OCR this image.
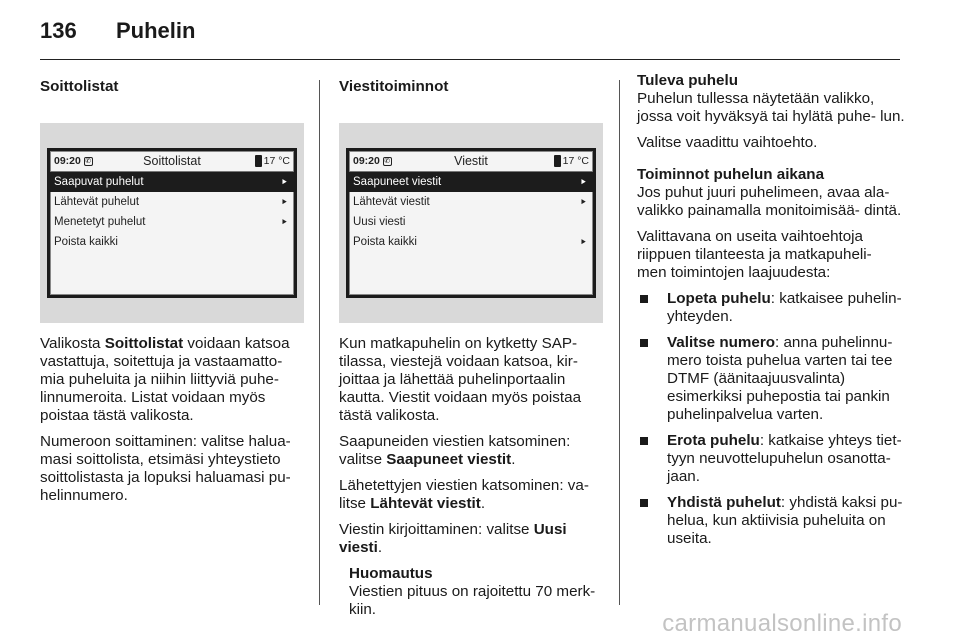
136	Puhelin
Soittolistat
09:20 ✆	Soittolistat	17 °C
Saapuvat puhelut	⯈
Lähtevät puhelut	⯈
Menetetyt puhelut	⯈
Poista kaikki

Valikosta Soittolistat voidaan katsoa vastattuja, soitettuja ja vastaamatto‐ mia puheluita ja niihin liittyviä puhe‐ linnumeroita. Listat voidaan myös poistaa tästä valikosta.

Numeroon soittaminen: valitse halua‐ masi soittolista, etsimäsi yhteystieto soittolistasta ja lopuksi haluamasi pu‐ helinnumero.

Viestitoiminnot
09:20 ✆	Viestit	17 °C
Saapuneet viestit	⯈
Lähtevät viestit	⯈
Uusi viesti
Poista kaikki	⯈

Kun matkapuhelin on kytketty SAP- tilassa, viestejä voidaan katsoa, kir‐ joittaa ja lähettää puhelinportaalin kautta. Viestit voidaan myös poistaa tästä valikosta.

Saapuneiden viestien katsominen: valitse Saapuneet viestit.

Lähetettyjen viestien katsominen: va‐ litse Lähtevät viestit.

Viestin kirjoittaminen: valitse Uusi viesti.

Huomautus

Viestien pituus on rajoitettu 70 merk‐ kiin.

Tuleva puhelu

Puhelun tullessa näytetään valikko, jossa voit hyväksyä tai hylätä puhe‐ lun.

Valitse vaadittu vaihtoehto.

Toiminnot puhelun aikana

Jos puhut juuri puhelimeen, avaa ala‐ valikko painamalla monitoimisää‐ dintä.

Valittavana on useita vaihtoehtoja riippuen tilanteesta ja matkapuheli‐ men toimintojen laajuudesta:

Lopeta puhelu: katkaisee puhelin‐ yhteyden.
Valitse numero: anna puhelinnu‐ mero toista puhelua varten tai tee DTMF (äänitaajuusvalinta) esimerkiksi puhepostia tai pankin puhelinpalvelua varten.
Erota puhelu: katkaise yhteys tiet‐ tyyn neuvottelupuhelun osanotta‐ jaan.
Yhdistä puhelut: yhdistä kaksi pu‐ helua, kun aktiivisia puheluita on useita.
carmanualsonline.info
